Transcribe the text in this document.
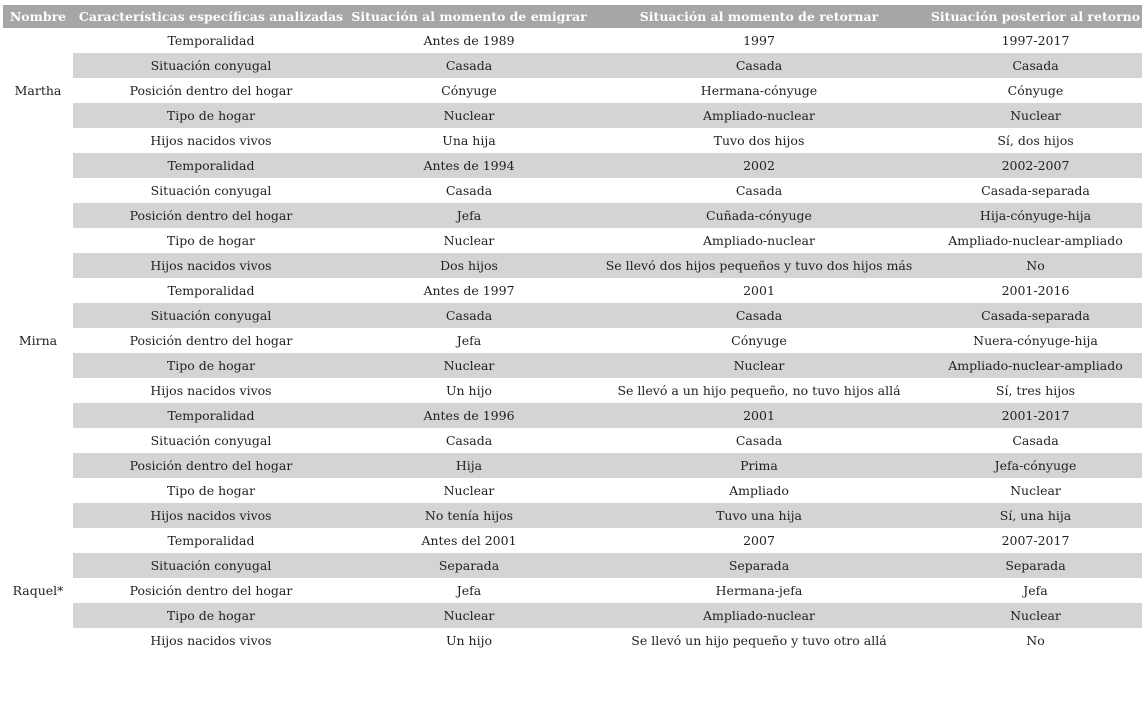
Nombre	Características específicas analizadas	Situación al momento de emigrar	Situación al momento de retornar	Situación posterior al retorno
Martha	Temporalidad	Antes de 1989	1997	1997-2017
	Situación conyugal	Casada	Casada	Casada
	Posición dentro del hogar	Cónyuge	Hermana-cónyuge	Cónyuge
	Tipo de hogar	Nuclear	Ampliado-nuclear	Nuclear
	Hijos nacidos vivos	Una hija	Tuvo dos hijos	Sí, dos hijos
	Temporalidad	Antes de 1994	2002	2002-2007
	Situación conyugal	Casada	Casada	Casada-separada
	Posición dentro del hogar	Jefa	Cuñada-cónyuge	Hija-cónyuge-hija
	Tipo de hogar	Nuclear	Ampliado-nuclear	Ampliado-nuclear-ampliado
	Hijos nacidos vivos	Dos hijos	Se llevó dos hijos pequeños y tuvo dos hijos más	No
Mirna	Temporalidad	Antes de 1997	2001	2001-2016
	Situación conyugal	Casada	Casada	Casada-separada
	Posición dentro del hogar	Jefa	Cónyuge	Nuera-cónyuge-hija
	Tipo de hogar	Nuclear	Nuclear	Ampliado-nuclear-ampliado
	Hijos nacidos vivos	Un hijo	Se llevó a un hijo pequeño, no tuvo hijos allá	Sí, tres hijos
	Temporalidad	Antes de 1996	2001	2001-2017
	Situación conyugal	Casada	Casada	Casada
	Posición dentro del hogar	Hija	Prima	Jefa-cónyuge
	Tipo de hogar	Nuclear	Ampliado	Nuclear
	Hijos nacidos vivos	No tenía hijos	Tuvo una hija	Sí, una hija
Raquel*	Temporalidad	Antes del 2001	2007	2007-2017
	Situación conyugal	Separada	Separada	Separada
	Posición dentro del hogar	Jefa	Hermana-jefa	Jefa
	Tipo de hogar	Nuclear	Ampliado-nuclear	Nuclear
	Hijos nacidos vivos	Un hijo	Se llevó un hijo pequeño y tuvo otro allá	No
